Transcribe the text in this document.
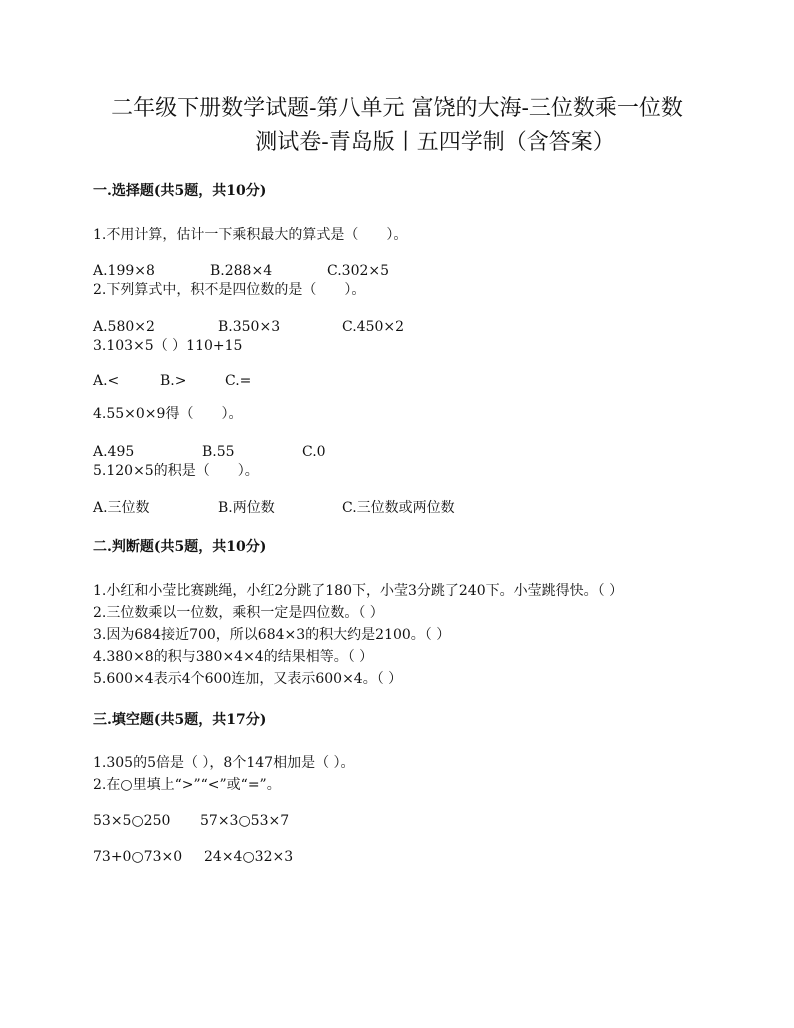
二年级下册数学试题-第八单元 富饶的大海-三位数乘一位数
测试卷-青岛版丨五四学制（含答案）
一.选择题(共5题，共10分)
1.不用计算，估计一下乘积最大的算式是（　　）。
A.199×8	B.288×4	C.302×5
2.下列算式中，积不是四位数的是（　　）。
A.580×2	B.350×3	C.450×2
3.103×5（ ）110+15
A.<	B.>	C.=
4.55×0×9得（　　）。
A.495	B.55	C.0
5.120×5的积是（　　）。
A.三位数	B.两位数	C.三位数或两位数
二.判断题(共5题，共10分)
1.小红和小莹比赛跳绳，小红2分跳了180下，小莹3分跳了240下。小莹跳得快。（ ）
2.三位数乘以一位数，乘积一定是四位数。（ ）
3.因为684接近700，所以684×3的积大约是2100。（ ）
4.380×8的积与380×4×4的结果相等。（ ）
5.600×4表示4个600连加，又表示600×4。（ ）
三.填空题(共5题，共17分)
1.305的5倍是（ ），8个147相加是（ ）。
2.在○里填上“>”“<”或“=”。
53×5○250 57×3○53×7
73+0○73×0 24×4○32×3
